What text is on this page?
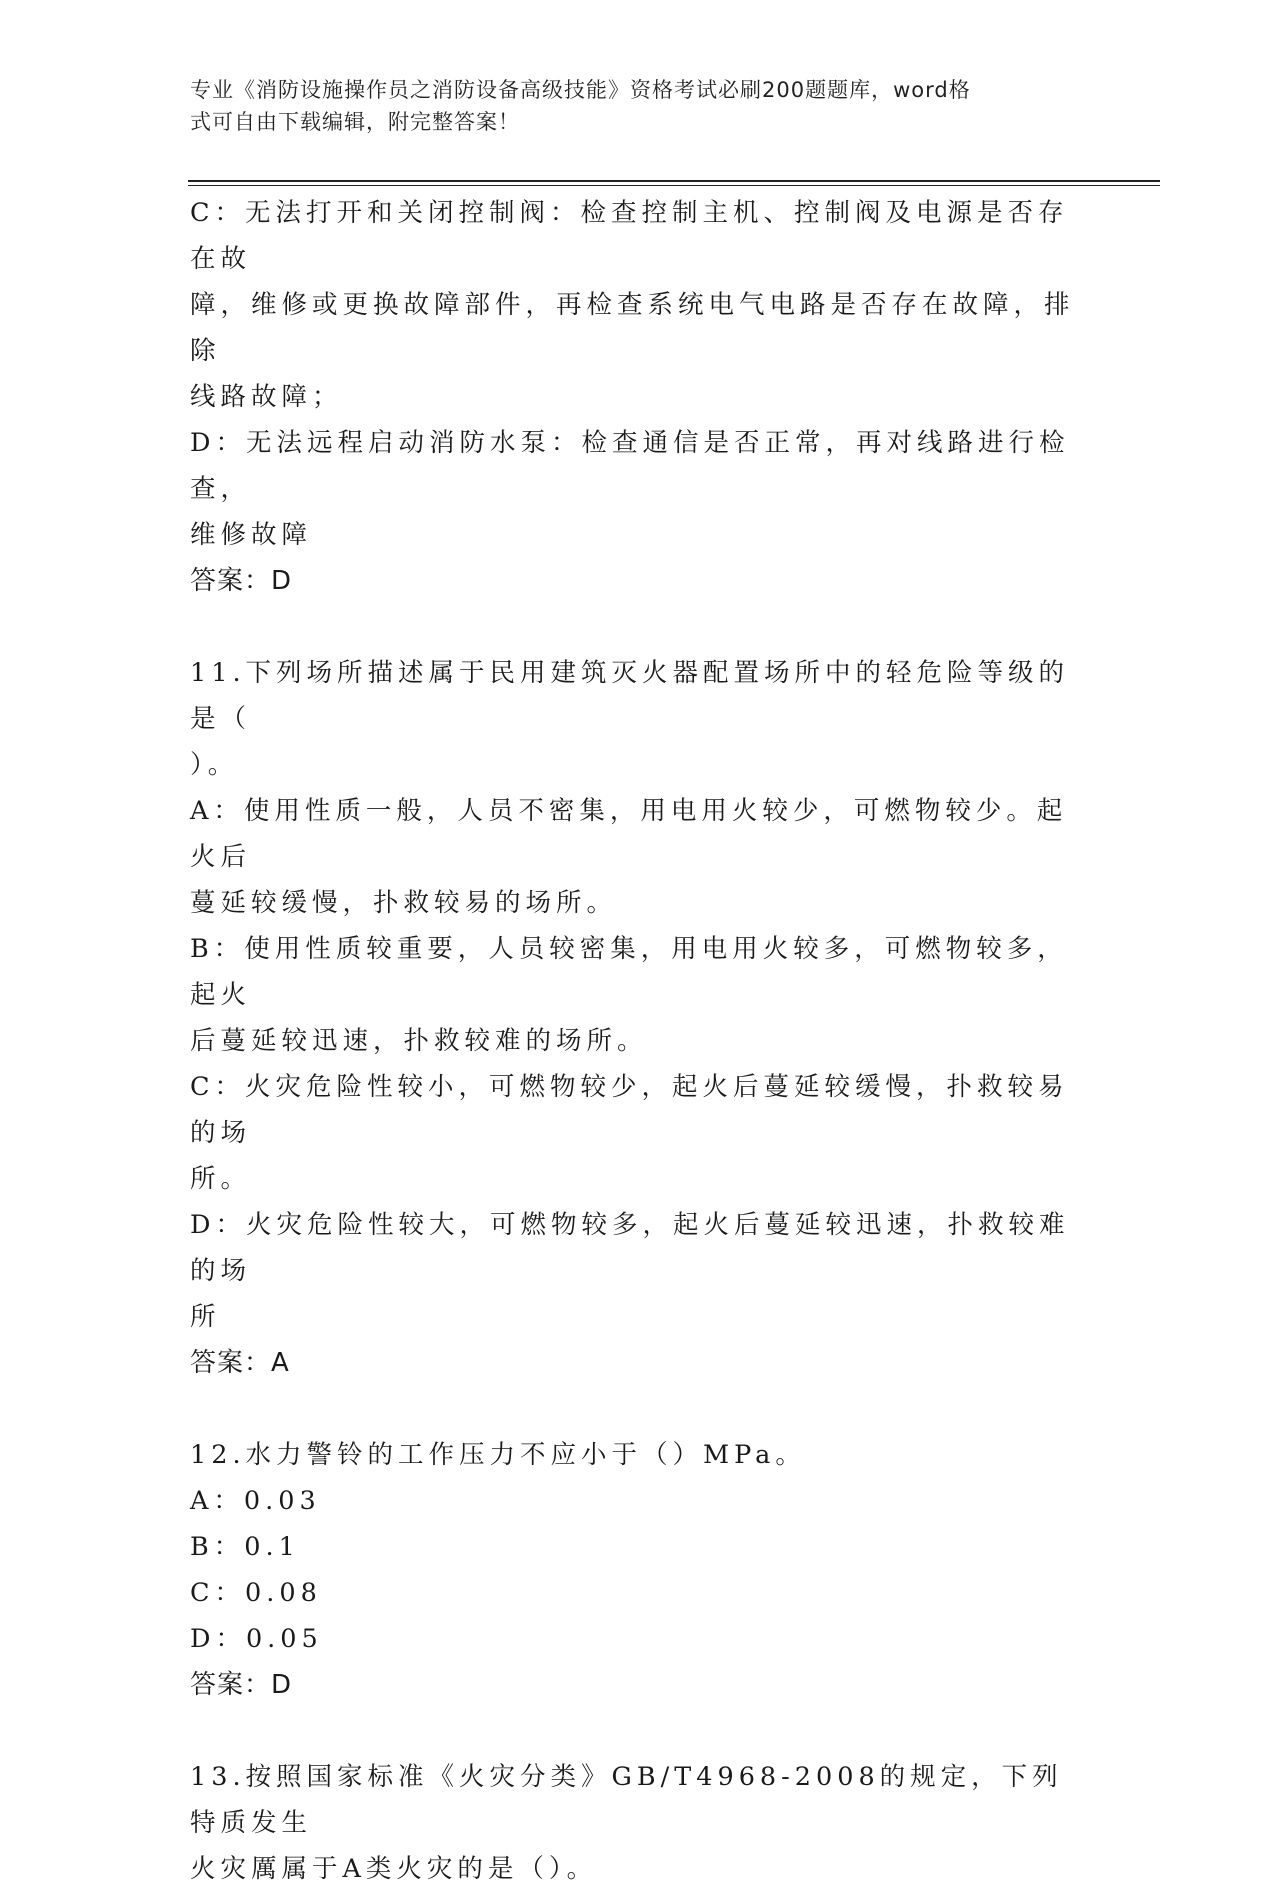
专业《消防设施操作员之消防设备高级技能》资格考试必刷200题题库，word格
式可自由下载编辑，附完整答案！

C：无法打开和关闭控制阀：检查控制主机、控制阀及电源是否存在故

障，维修或更换故障部件，再检查系统电气电路是否存在故障，排除

线路故障；

D：无法远程启动消防水泵：检查通信是否正常，再对线路进行检查，

维修故障

答案：D

11.下列场所描述属于民用建筑灭火器配置场所中的轻危险等级的是（

）。

A：使用性质一般，人员不密集，用电用火较少，可燃物较少。起火后

蔓延较缓慢，扑救较易的场所。

B：使用性质较重要，人员较密集，用电用火较多，可燃物较多，起火

后蔓延较迅速，扑救较难的场所。

C：火灾危险性较小，可燃物较少，起火后蔓延较缓慢，扑救较易的场

所。

D：火灾危险性较大，可燃物较多，起火后蔓延较迅速，扑救较难的场

所

答案：A

12.水力警铃的工作压力不应小于（）MPa。

A：0.03

B：0.1

C：0.08

D：0.05

答案：D

13.按照国家标准《火灾分类》GB/T4968-2008的规定，下列特质发生

火灾厲属于A类火灾的是（）。
